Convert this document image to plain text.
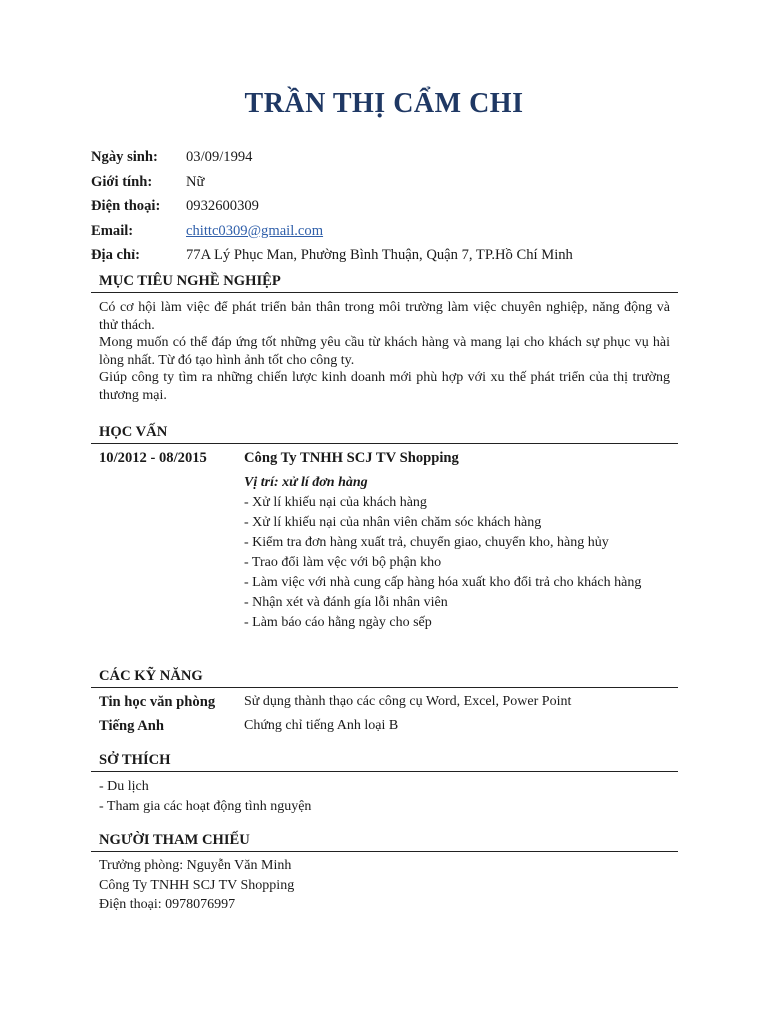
TRẦN THỊ CẨM CHI
Ngày sinh:	03/09/1994
Giới tính:	Nữ
Điện thoại:	0932600309
Email:	chittc0309@gmail.com
Địa chỉ:	77A Lý Phục Man, Phường Bình Thuận, Quận 7, TP.Hồ Chí Minh
MỤC TIÊU NGHỀ NGHIỆP

Có cơ hội làm việc để phát triển bản thân trong môi trường làm việc chuyên nghiệp, năng động và thử thách.

Mong muốn có thể đáp ứng tốt những yêu cầu từ khách hàng và mang lại cho khách sự phục vụ hài lòng nhất. Từ đó tạo hình ảnh tốt cho công ty.

Giúp công ty tìm ra những chiến lược kinh doanh mới phù hợp với xu thế phát triển của thị trường thương mại.

HỌC VẤN
10/2012 - 08/2015	Công Ty TNHH SCJ TV Shopping
Vị trí: xử lí đơn hàng
- Xử lí khiếu nại của khách hàng
- Xử lí khiếu nại của nhân viên chăm sóc khách hàng
- Kiểm tra đơn hàng xuất trả, chuyển giao, chuyển kho, hàng hủy
- Trao đổi làm vệc với bộ phận kho
- Làm việc với nhà cung cấp hàng hóa xuất kho đổi trả cho khách hàng
- Nhận xét và đánh gía lỗi nhân viên
- Làm báo cáo hằng ngày cho sếp
CÁC KỸ NĂNG
Tin học văn phòng	Sử dụng thành thạo các công cụ Word, Excel, Power Point
Tiếng Anh	Chứng chỉ tiếng Anh loại B
SỞ THÍCH
- Du lịch
- Tham gia các hoạt động tình nguyện
NGƯỜI THAM CHIẾU
Trưởng phòng: Nguyễn Văn Minh
Công Ty TNHH SCJ TV Shopping
Điện thoại: 0978076997
